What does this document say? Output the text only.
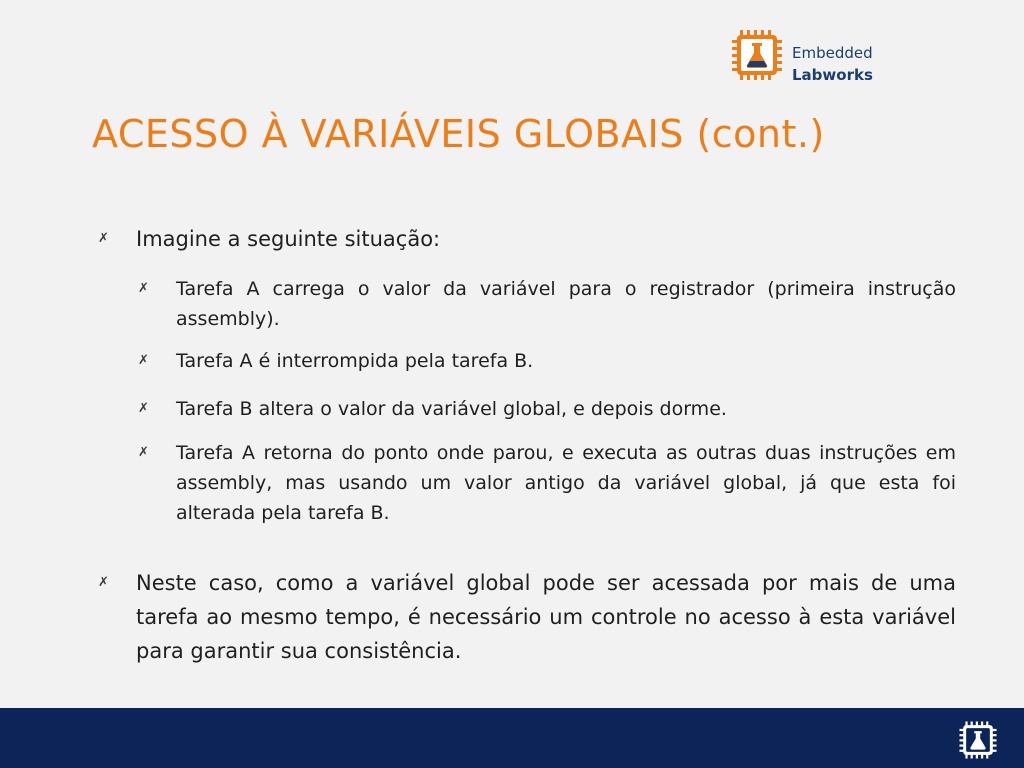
Embedded
Labworks
ACESSO À VARIÁVEIS GLOBAIS (cont.)
✗ Imagine a seguinte situação:
✗ Tarefa A carrega o valor da variável para o registrador (primeira instrução assembly).
✗ Tarefa A é interrompida pela tarefa B.
✗ Tarefa B altera o valor da variável global, e depois dorme.
✗ Tarefa A retorna do ponto onde parou, e executa as outras duas instruções em assembly, mas usando um valor antigo da variável global, já que esta foi alterada pela tarefa B.
✗ Neste caso, como a variável global pode ser acessada por mais de uma tarefa ao mesmo tempo, é necessário um controle no acesso à esta variável para garantir sua consistência.
